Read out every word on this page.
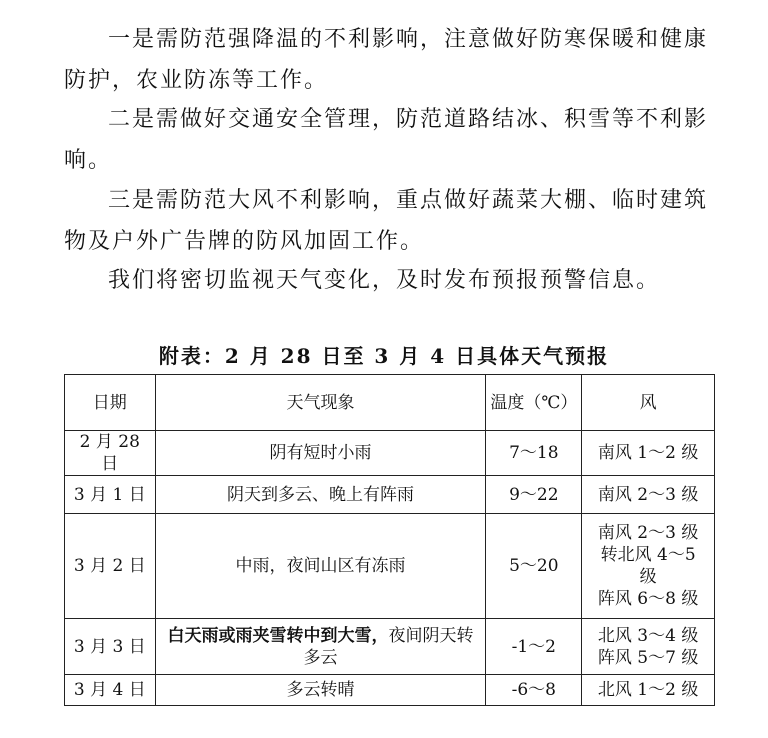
一是需防范强降温的不利影响，注意做好防寒保暖和健康防护，农业防冻等工作。

二是需做好交通安全管理，防范道路结冰、积雪等不利影响。

三是需防范大风不利影响，重点做好蔬菜大棚、临时建筑物及户外广告牌的防风加固工作。

我们将密切监视天气变化，及时发布预报预警信息。

附表：2 月 28 日至 3 月 4 日具体天气预报
日期	天气现象	温度（℃）	风
2 月 28 日	阴有短时小雨	7～18	南风 1～2 级

3 月 1 日	阴天到多云、晚上有阵雨	9～22	南风 2～3 级

3 月 2 日	中雨，夜间山区有冻雨	5～20	南风 2～3 级
转北风 4～5
级
阵风 6～8 级

3 月 3 日	白天雨或雨夹雪转中到大雪，夜间阴天转多云	-1～2	北风 3～4 级
阵风 5～7 级

3 月 4 日	多云转晴	-6～8	北风 1～2 级
